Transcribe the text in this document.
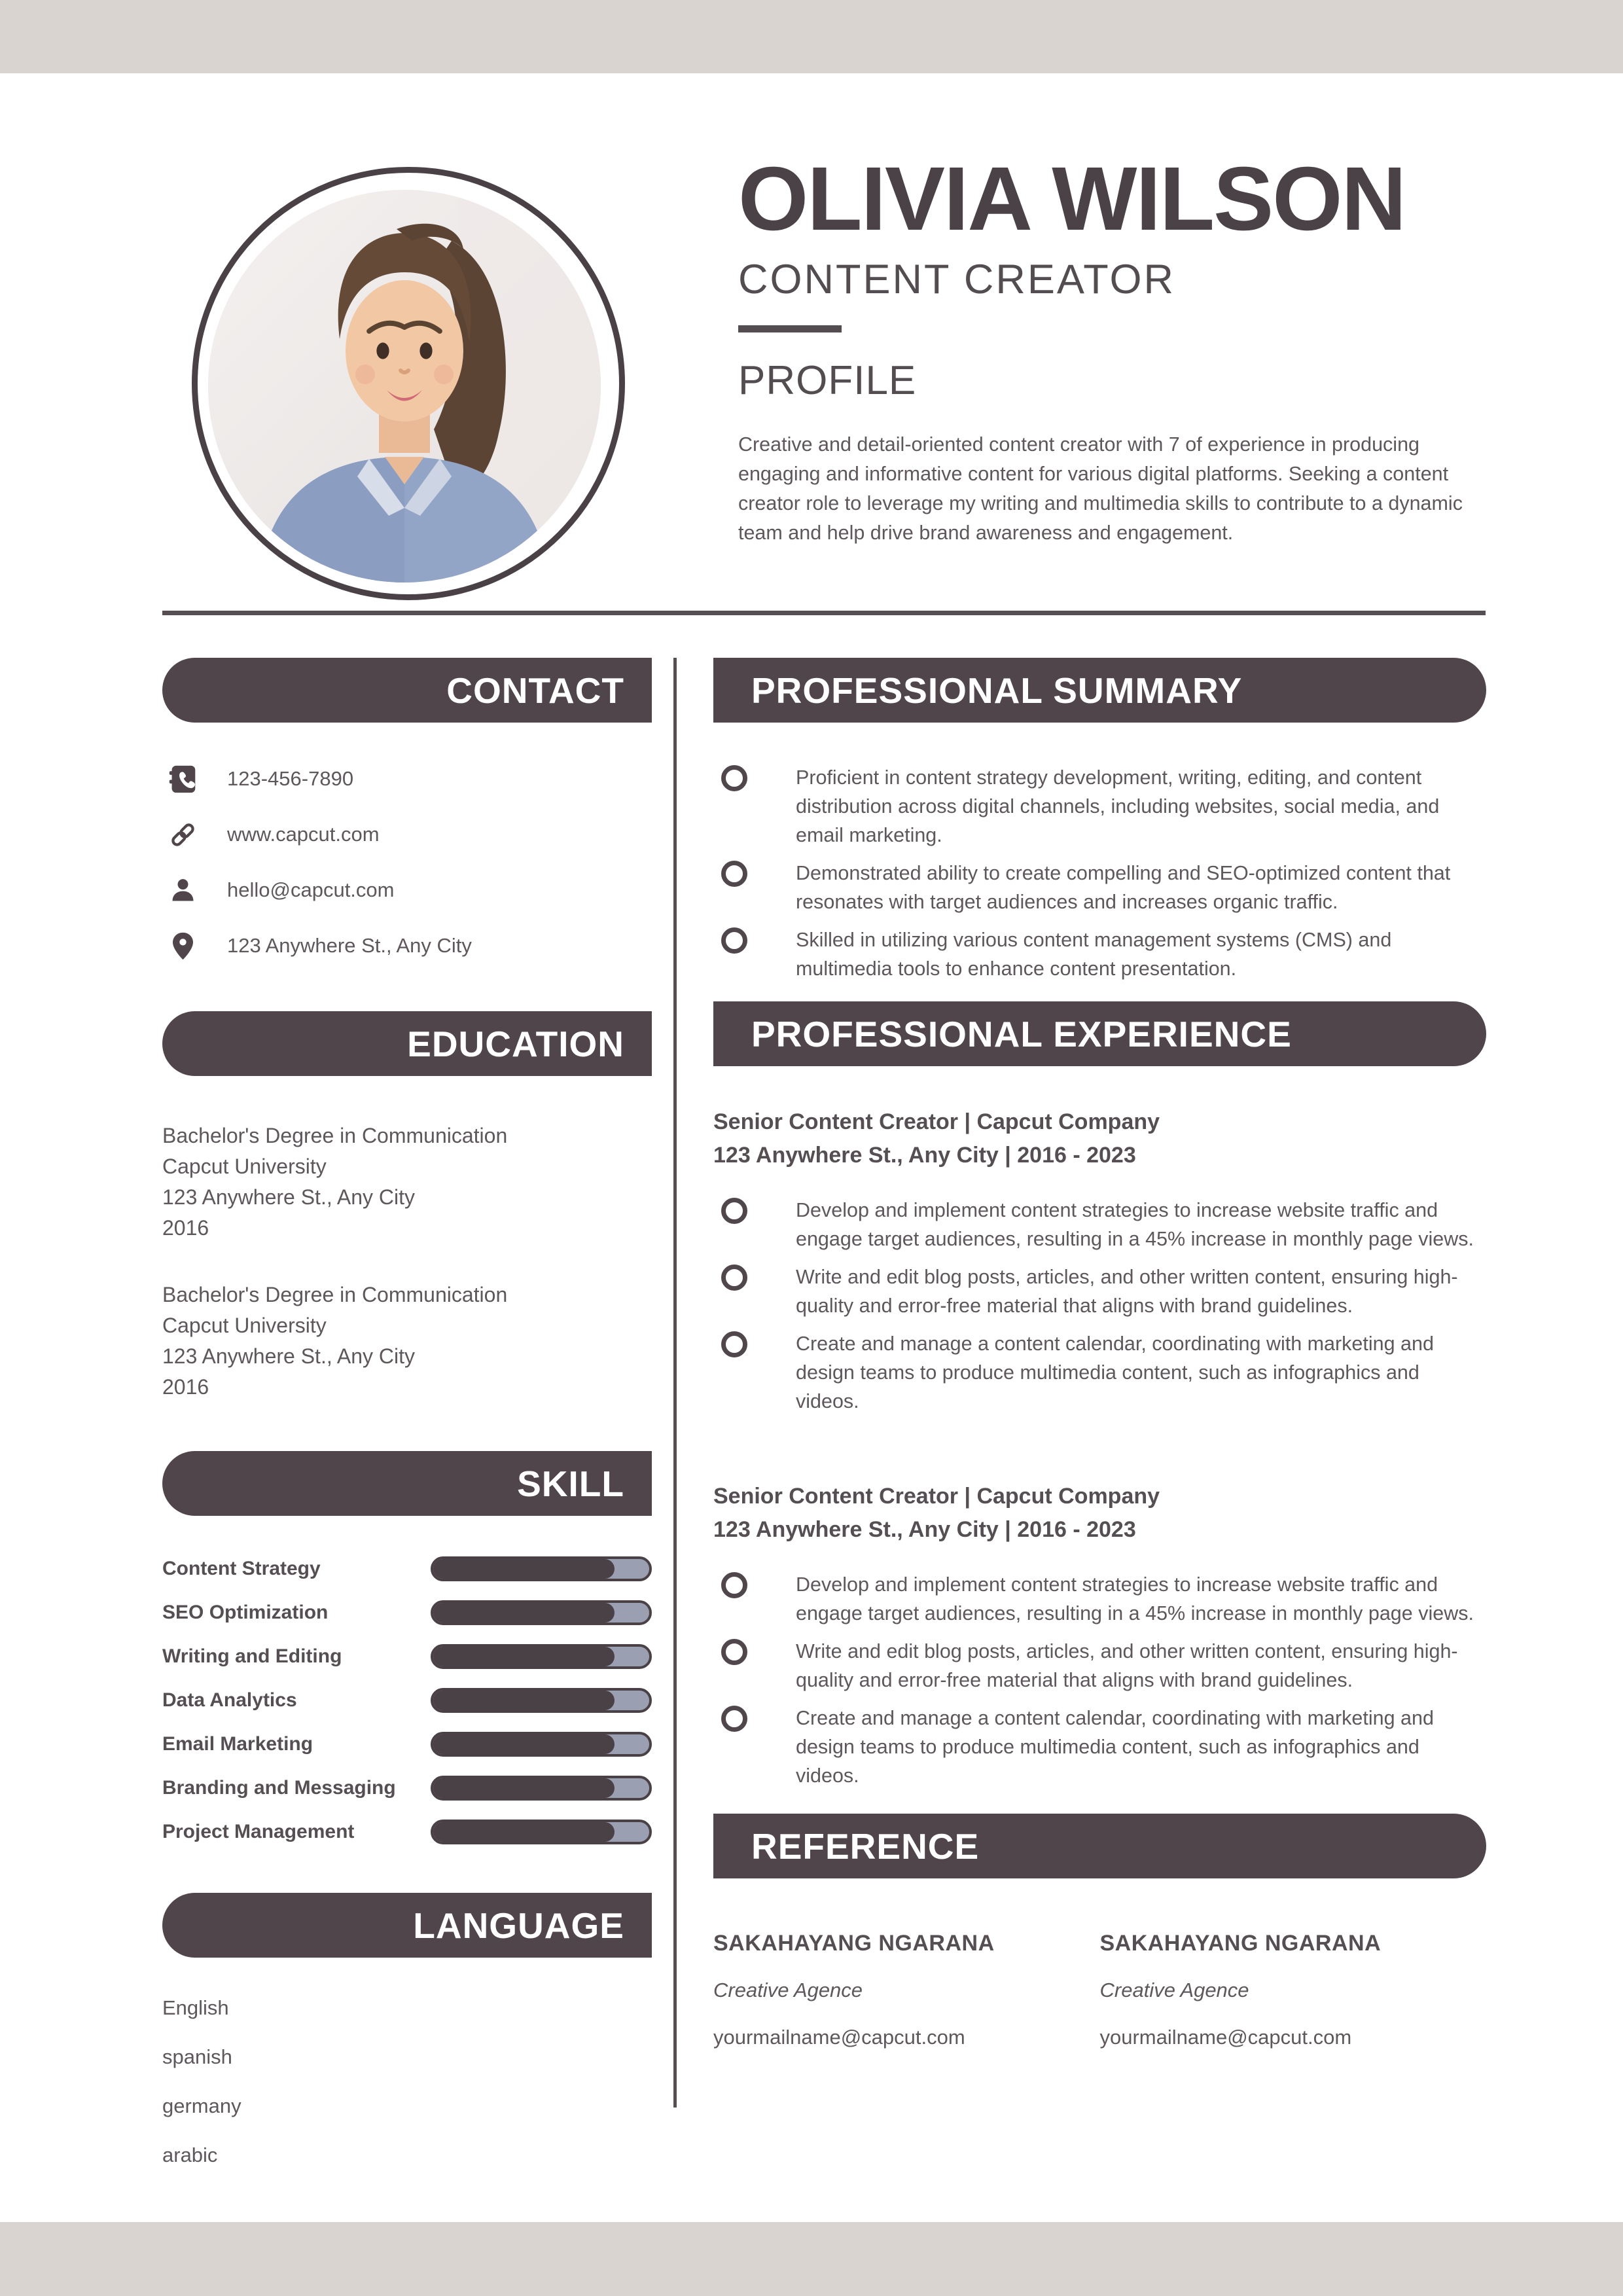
OLIVIA WILSON
CONTENT CREATOR
PROFILE
Creative and detail-oriented content creator with 7 of experience in producing engaging and informative content for various digital platforms. Seeking a content creator role to leverage my writing and multimedia skills to contribute to a dynamic team and help drive brand awareness and engagement.
CONTACT
123-456-7890
www.capcut.com
hello@capcut.com
123 Anywhere St., Any City
EDUCATION
Bachelor's Degree in Communication
Capcut University
123 Anywhere St., Any City
2016
Bachelor's Degree in Communication
Capcut University
123 Anywhere St., Any City
2016
SKILL
Content Strategy
SEO Optimization
Writing and Editing
Data Analytics
Email Marketing
Branding and Messaging
Project Management
LANGUAGE
English
spanish
germany
arabic
PROFESSIONAL SUMMARY
Proficient in content strategy development, writing, editing, and content distribution across digital channels, including websites, social media, and email marketing.
Demonstrated ability to create compelling and SEO-optimized content that resonates with target audiences and increases organic traffic.
Skilled in utilizing various content management systems (CMS) and multimedia tools to enhance content presentation.
PROFESSIONAL EXPERIENCE
Senior Content Creator | Capcut Company
123 Anywhere St., Any City | 2016 - 2023
Develop and implement content strategies to increase website traffic and engage target audiences, resulting in a 45% increase in monthly page views.
Write and edit blog posts, articles, and other written content, ensuring high-quality and error-free material that aligns with brand guidelines.
Create and manage a content calendar, coordinating with marketing and design teams to produce multimedia content, such as infographics and videos.
Senior Content Creator | Capcut Company
123 Anywhere St., Any City | 2016 - 2023
Develop and implement content strategies to increase website traffic and engage target audiences, resulting in a 45% increase in monthly page views.
Write and edit blog posts, articles, and other written content, ensuring high-quality and error-free material that aligns with brand guidelines.
Create and manage a content calendar, coordinating with marketing and design teams to produce multimedia content, such as infographics and videos.
REFERENCE
SAKAHAYANG NGARANA
Creative Agence
yourmailname@capcut.com
SAKAHAYANG NGARANA
Creative Agence
yourmailname@capcut.com
